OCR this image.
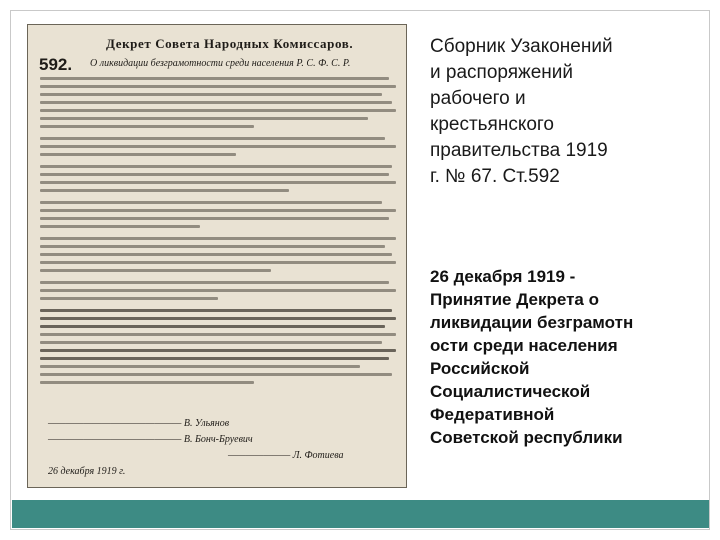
Декрет Совета Народных Комиссаров.
592. О ликвидации безграмотности среди населения Р. С. Ф. С. Р.
——————————————— В. Ульянов
——————————————— В. Бонч-Бруевич
——————— Л. Фотиева
26 декабря 1919 г.
Сборник Узаконений
и распоряжений
рабочего и
крестьянского
правительства 1919
г. № 67. Ст.592
26 декабря 1919 -
Принятие Декрета о
ликвидации безграмотн
ости среди населения
Российской
Социалистической
Федеративной
Советской республики
